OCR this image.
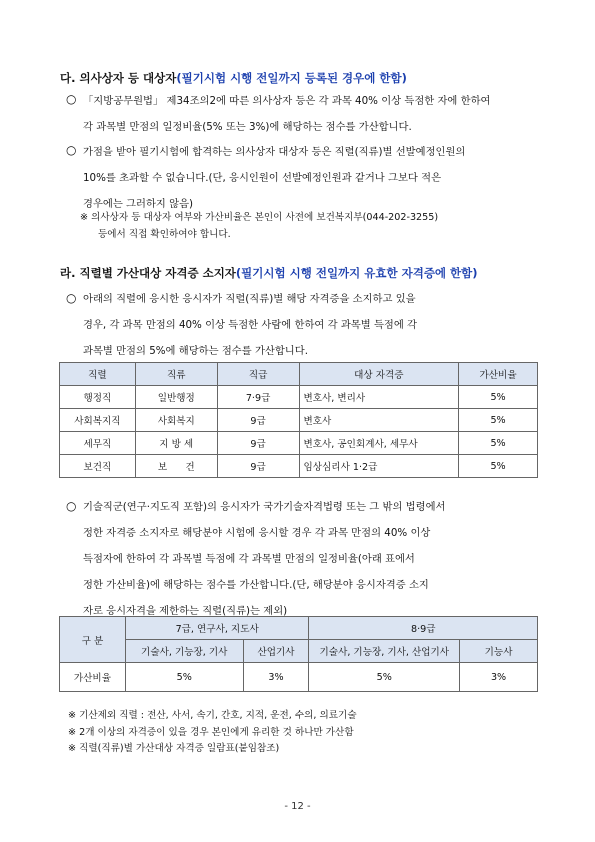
다. 의사상자 등 대상자(필기시험 시행 전일까지 등록된 경우에 한함)
○ 「지방공무원법」 제34조의2에 따른 의사상자 등은 각 과목 40% 이상 득점한 자에 한하여
각 과목별 만점의 일정비율(5% 또는 3%)에 해당하는 점수를 가산합니다.
○ 가점을 받아 필기시험에 합격하는 의사상자 대상자 등은 직렬(직류)별 선발예정인원의
10%를 초과할 수 없습니다.(단, 응시인원이 선발예정인원과 같거나 그보다 적은
경우에는 그러하지 않음)
※ 의사상자 등 대상자 여부와 가산비율은 본인이 사전에 보건복지부(044-202-3255)
등에서 직접 확인하여야 합니다.
라. 직렬별 가산대상 자격증 소지자(필기시험 시행 전일까지 유효한 자격증에 한함)
○ 아래의 직렬에 응시한 응시자가 직렬(직류)별 해당 자격증을 소지하고 있을
경우, 각 과목 만점의 40% 이상 득점한 사람에 한하여 각 과목별 득점에 각
과목별 만점의 5%에 해당하는 점수를 가산합니다.
직렬	직류	직급	대상 자격증	가산비율
행정직	일반행정	7·9급	변호사, 변리사	5%
사회복지직	사회복지	9급	변호사	5%
세무직	지 방 세	9급	변호사, 공인회계사, 세무사	5%
보건직	보      건	9급	임상심리사 1·2급	5%
○ 기술직군(연구·지도직 포함)의 응시자가 국가기술자격법령 또는 그 밖의 법령에서
정한 자격증 소지자로 해당분야 시험에 응시할 경우 각 과목 만점의 40% 이상
득점자에 한하여 각 과목별 득점에 각 과목별 만점의 일정비율(아래 표에서
정한 가산비율)에 해당하는 점수를 가산합니다.(단, 해당분야 응시자격증 소지
자로 응시자격을 제한하는 직렬(직류)는 제외)
구 분	7급, 연구사, 지도사		8·9급	
	기술사, 기능장, 기사	산업기사	기술사, 기능장, 기사, 산업기사	기능사
가산비율	5%	3%	5%	3%
※ 기산제외 직렬 : 전산, 사서, 속기, 간호, 지적, 운전, 수의, 의료기술
※ 2개 이상의 자격증이 있을 경우 본인에게 유리한 것 하나만 가산함
※ 직렬(직류)별 가산대상 자격증 일람표(붙임참조)
- 12 -
